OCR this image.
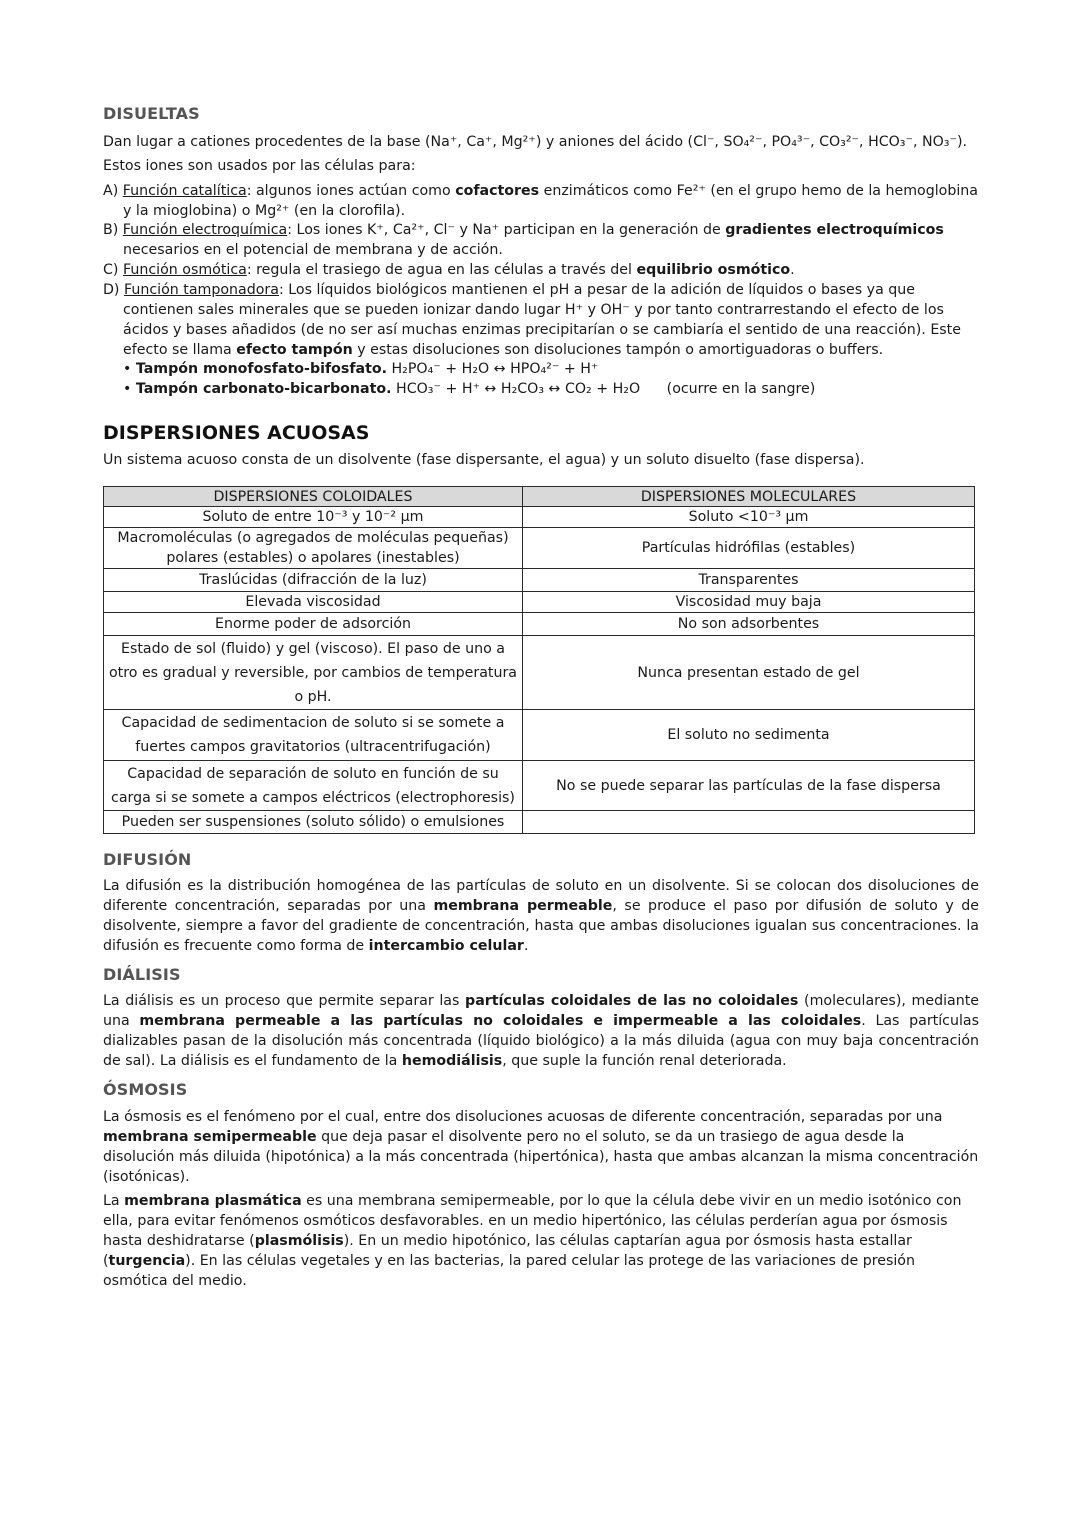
DISUELTAS
Dan lugar a cationes procedentes de la base (Na⁺, Ca⁺, Mg²⁺) y aniones del ácido (Cl⁻, SO₄²⁻, PO₄³⁻, CO₃²⁻, HCO₃⁻, NO₃⁻).
Estos iones son usados por las células para:
A) Función catalítica: algunos iones actúan como cofactores enzimáticos como Fe²⁺ (en el grupo hemo de la hemoglobina y la mioglobina) o Mg²⁺ (en la clorofila).
B) Función electroquímica: Los iones K⁺, Ca²⁺, Cl⁻ y Na⁺ participan en la generación de gradientes electroquímicos necesarios en el potencial de membrana y de acción.
C) Función osmótica: regula el trasiego de agua en las células a través del equilibrio osmótico.
D) Función tamponadora: Los líquidos biológicos mantienen el pH a pesar de la adición de líquidos o bases ya que contienen sales minerales que se pueden ionizar dando lugar H⁺ y OH⁻ y por tanto contrarrestando el efecto de los ácidos y bases añadidos (de no ser así muchas enzimas precipitarían o se cambiaría el sentido de una reacción). Este efecto se llama efecto tampón y estas disoluciones son disoluciones tampón o amortiguadoras o buffers.
• Tampón monofosfato-bifosfato. H₂PO₄⁻ + H₂O ↔ HPO₄²⁻ + H⁺
• Tampón carbonato-bicarbonato. HCO₃⁻ + H⁺ ↔ H₂CO₃ ↔ CO₂ + H₂O (ocurre en la sangre)
DISPERSIONES ACUOSAS
Un sistema acuoso consta de un disolvente (fase dispersante, el agua) y un soluto disuelto (fase dispersa).
DISPERSIONES COLOIDALES	DISPERSIONES MOLECULARES
Soluto de entre 10⁻³ y 10⁻² µm	Soluto <10⁻³ µm
Macromoléculas (o agregados de moléculas pequeñas) polares (estables) o apolares (inestables)	Partículas hidrófilas (estables)
Traslúcidas (difracción de la luz)	Transparentes
Elevada viscosidad	Viscosidad muy baja
Enorme poder de adsorción	No son adsorbentes
Estado de sol (fluido) y gel (viscoso). El paso de uno a otro es gradual y reversible, por cambios de temperatura o pH.	Nunca presentan estado de gel
Capacidad de sedimentacion de soluto si se somete a fuertes campos gravitatorios (ultracentrifugación)	El soluto no sedimenta
Capacidad de separación de soluto en función de su carga si se somete a campos eléctricos (electrophoresis)	No se puede separar las partículas de la fase dispersa
Pueden ser suspensiones (soluto sólido) o emulsiones	
DIFUSIÓN
La difusión es la distribución homogénea de las partículas de soluto en un disolvente. Si se colocan dos disoluciones de diferente concentración, separadas por una membrana permeable, se produce el paso por difusión de soluto y de disolvente, siempre a favor del gradiente de concentración, hasta que ambas disoluciones igualan sus concentraciones. la difusión es frecuente como forma de intercambio celular.
DIÁLISIS
La diálisis es un proceso que permite separar las partículas coloidales de las no coloidales (moleculares), mediante una membrana permeable a las partículas no coloidales e impermeable a las coloidales. Las partículas dializables pasan de la disolución más concentrada (líquido biológico) a la más diluida (agua con muy baja concentración de sal). La diálisis es el fundamento de la hemodiálisis, que suple la función renal deteriorada.
ÓSMOSIS
La ósmosis es el fenómeno por el cual, entre dos disoluciones acuosas de diferente concentración, separadas por una membrana semipermeable que deja pasar el disolvente pero no el soluto, se da un trasiego de agua desde la disolución más diluida (hipotónica) a la más concentrada (hipertónica), hasta que ambas alcanzan la misma concentración (isotónicas).
La membrana plasmática es una membrana semipermeable, por lo que la célula debe vivir en un medio isotónico con ella, para evitar fenómenos osmóticos desfavorables. en un medio hipertónico, las células perderían agua por ósmosis hasta deshidratarse (plasmólisis). En un medio hipotónico, las células captarían agua por ósmosis hasta estallar (turgencia). En las células vegetales y en las bacterias, la pared celular las protege de las variaciones de presión osmótica del medio.
